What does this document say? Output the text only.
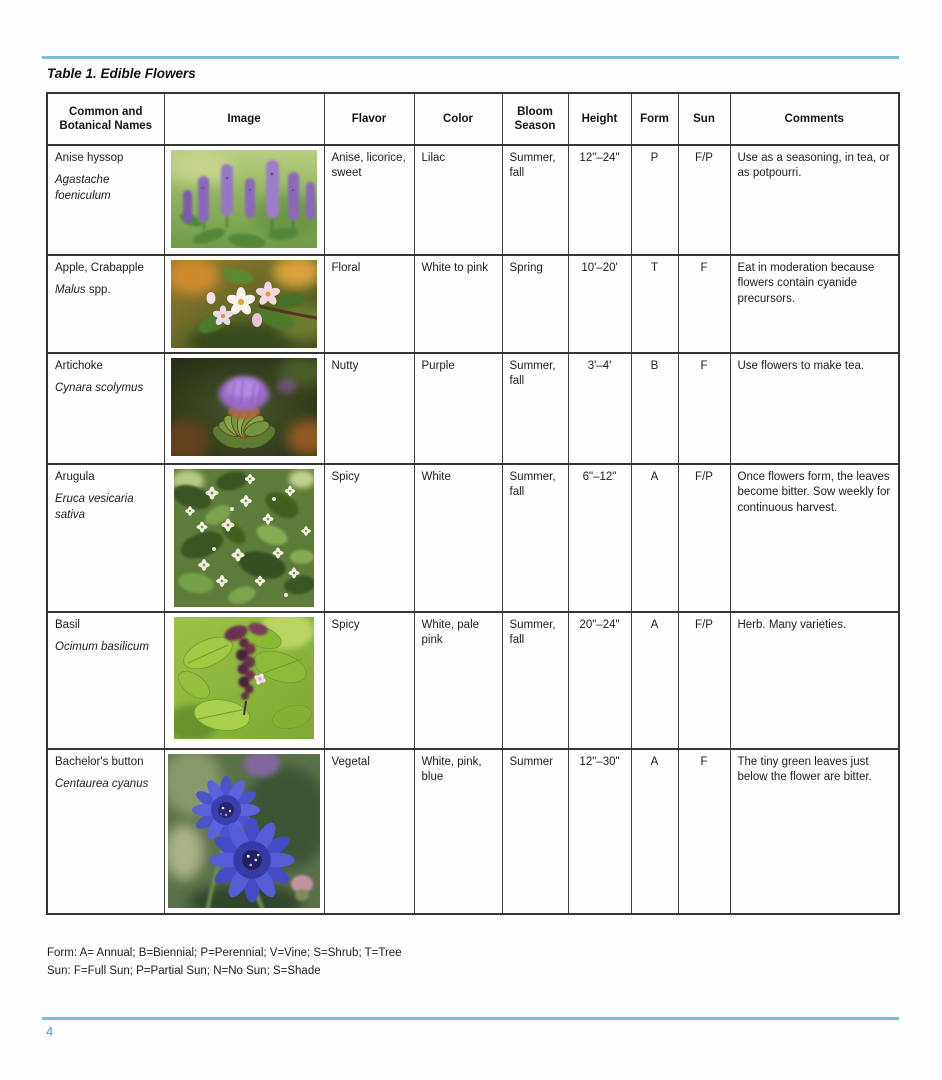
Table 1. Edible Flowers
Common and Botanical Names	Image	Flavor	Color	Bloom Season	Height	Form	Sun	Comments

Anise hyssop
Agastache foeniculum		Anise, licorice, sweet	Lilac	Summer, fall	12"–24"	P	F/P	Use as a seasoning, in tea, or as potpourri.

Apple, Crabapple
Malus spp.		Floral	White to pink	Spring	10'–20'	T	F	Eat in moderation because flowers contain cyanide precursors.

Artichoke
Cynara scolymus		Nutty	Purple	Summer, fall	3'–4'	B	F	Use flowers to make tea.

Arugula
Eruca vesicaria sativa		Spicy	White	Summer, fall	6"–12"	A	F/P	Once flowers form, the leaves become bitter. Sow weekly for continuous harvest.

Basil
Ocimum basilicum		Spicy	White, pale pink	Summer, fall	20"–24"	A	F/P	Herb. Many varieties.

Bachelor's button
Centaurea cyanus		Vegetal	White, pink, blue	Summer	12"–30"	A	F	The tiny green leaves just below the flower are bitter.
Form: A= Annual; B=Biennial; P=Perennial; V=Vine; S=Shrub; T=Tree
Sun: F=Full Sun; P=Partial Sun; N=No Sun; S=Shade
4
